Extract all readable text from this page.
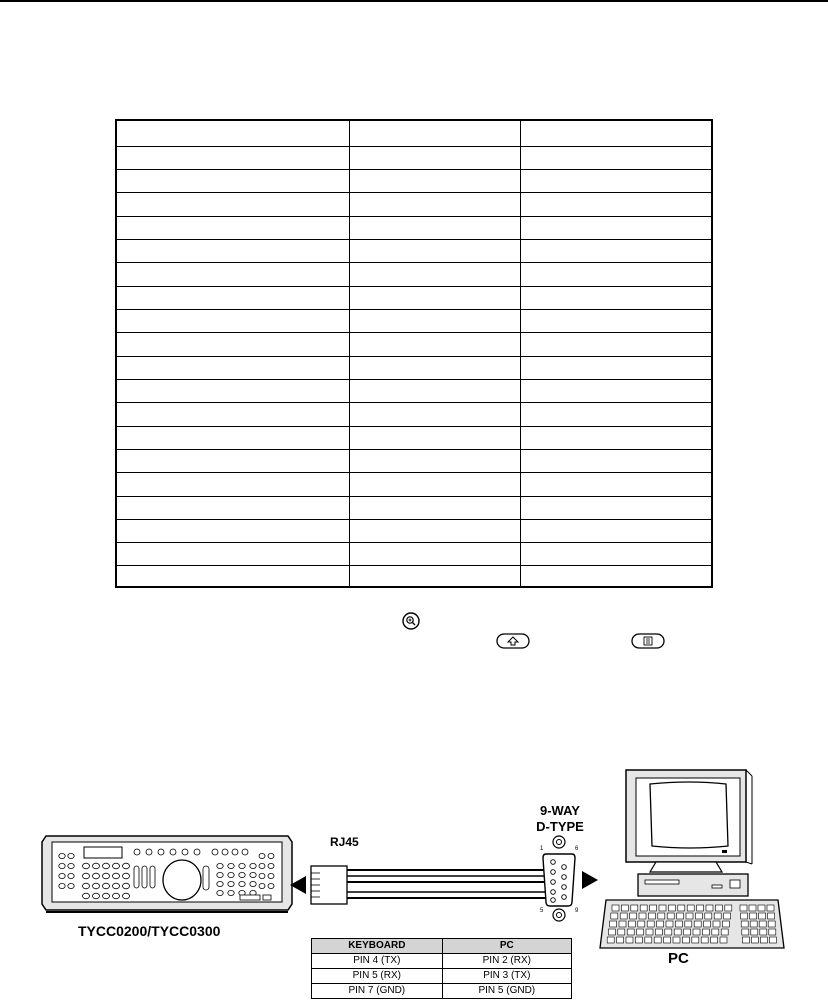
1	6
5	9
RJ45
9-WAY
D-TYPE
TYCC0200/TYCC0300
PC
KEYBOARD	PC
PIN 4 (TX)	PIN 2 (RX)
PIN 5 (RX)	PIN 3 (TX)
PIN 7 (GND)	PIN 5 (GND)
